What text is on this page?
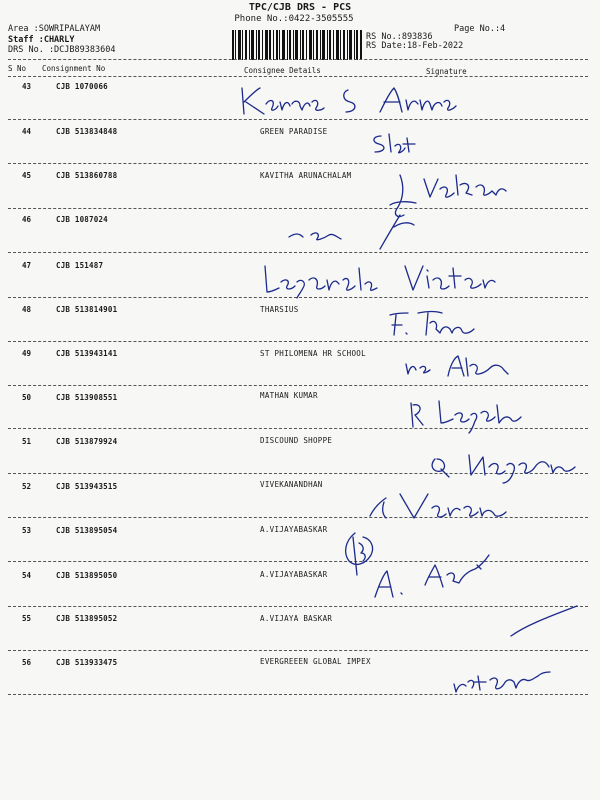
TPC/CJB DRS - PCS
Phone No.:0422-3505555
Page No.:4
Area :SOWRIPALAYAM
Staff :CHARLY
DRS No. :DCJB89383604
RS No.:893836
RS Date:18-Feb-2022
S No Consignment No	Consignee Details	Signature
43	CJB 1070066
44	CJB 513834848	GREEN PARADISE
45	CJB 513860788	KAVITHA ARUNACHALAM
46	CJB 1087024
47	CJB 151487
48	CJB 513814901	THARSIUS
49	CJB 513943141	ST PHILOMENA HR SCHOOL
50	CJB 513908551	MATHAN KUMAR
51	CJB 513879924	DISCOUND SHOPPE
52	CJB 513943515	VIVEKANANDHAN
53	CJB 513895054	A.VIJAYABASKAR
54	CJB 513895050	A.VIJAYABASKAR
55	CJB 513895052	A.VIJAYA BASKAR
56	CJB 513933475	EVERGREEEN GLOBAL IMPEX
